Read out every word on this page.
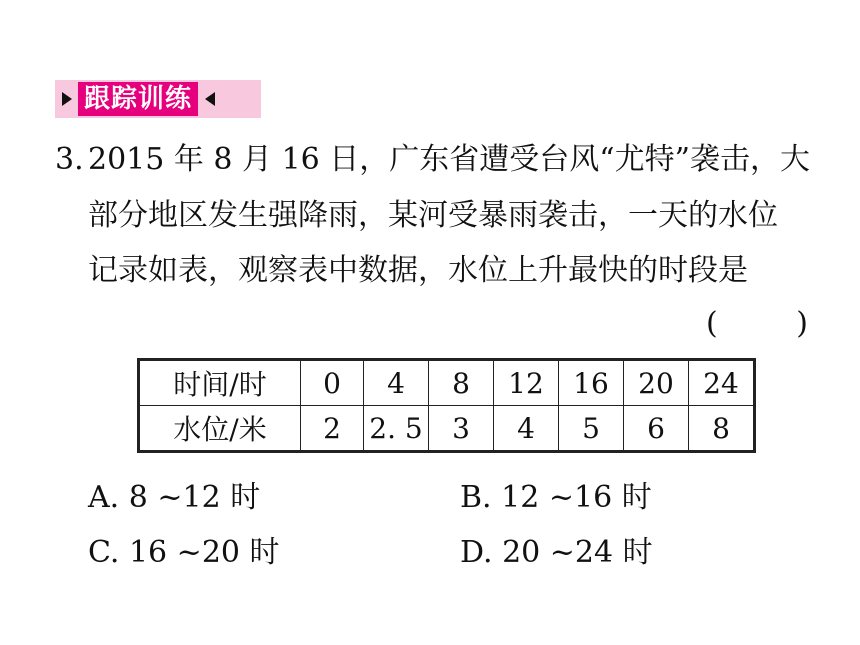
跟踪训练
3. 2015 年 8 月 16 日，广东省遭受台风“尤特”袭击，大
部分地区发生强降雨，某河受暴雨袭击，一天的水位
记录如表，观察表中数据，水位上升最快的时段是
(	)
时间/时	0	4	8	12	16	20	24
水位/米	2	2. 5	3	4	5	6	8
A. 8 ~12 时	B. 12 ~16 时
C. 16 ~20 时	D. 20 ~24 时
